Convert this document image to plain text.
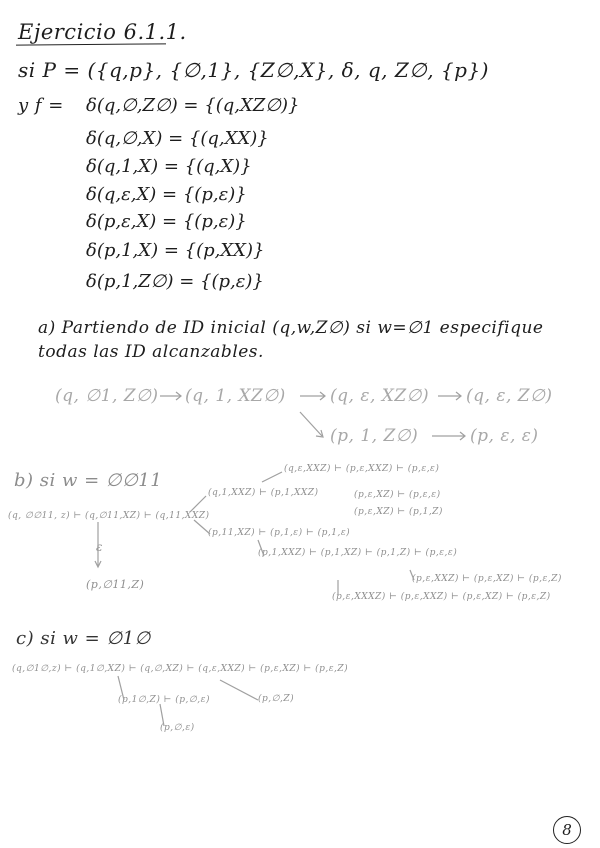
Ejercicio 6.1.1.
si P = ({q,p}, {∅,1}, {Z∅,X}, δ, q, Z∅, {p})
y f = δ(q,∅,Z∅) = {(q,XZ∅)}
δ(q,∅,X) = {(q,XX)}
δ(q,1,X) = {(q,X)}
δ(q,ε,X) = {(p,ε)}
δ(p,ε,X) = {(p,ε)}
δ(p,1,X) = {(p,XX)}
δ(p,1,Z∅) = {(p,ε)}
a) Partiendo de ID inicial (q,w,Z∅) si w=∅1 especifique
todas las ID alcanzables.
(q, ∅1, Z∅) (q, 1, XZ∅)	(q, ε, XZ∅) (q, ε, Z∅)
(p, 1, Z∅)	(p, ε, ε)
b) si w = ∅∅11
(q, ∅∅11, z) ⊢ (q,∅11,XZ) ⊢ (q,11,XXZ)
ε
(p,∅11,Z)
(q,1,XXZ) ⊢ (p,1,XXZ)
(q,ε,XXZ) ⊢ (p,ε,XXZ) ⊢ (p,ε,ε)
(p,ε,XZ) ⊢ (p,ε,ε)
(p,ε,XZ) ⊢ (p,1,Z)
(p,11,XZ) ⊢ (p,1,ε) ⊢ (p,1,ε)
(p,1,XXZ) ⊢ (p,1,XZ) ⊢ (p,1,Z) ⊢ (p,ε,ε)
(p,ε,XXZ) ⊢ (p,ε,XZ) ⊢ (p,ε,Z)
(p,ε,XXXZ) ⊢ (p,ε,XXZ) ⊢ (p,ε,XZ) ⊢ (p,ε,Z)
c) si w = ∅1∅
(q,∅1∅,z) ⊢ (q,1∅,XZ) ⊢ (q,∅,XZ) ⊢ (q,ε,XXZ) ⊢ (p,ε,XZ) ⊢ (p,ε,Z)
(p,1∅,Z) ⊢ (p,∅,ε)	(p,∅,Z)
(p,∅,ε)
8
